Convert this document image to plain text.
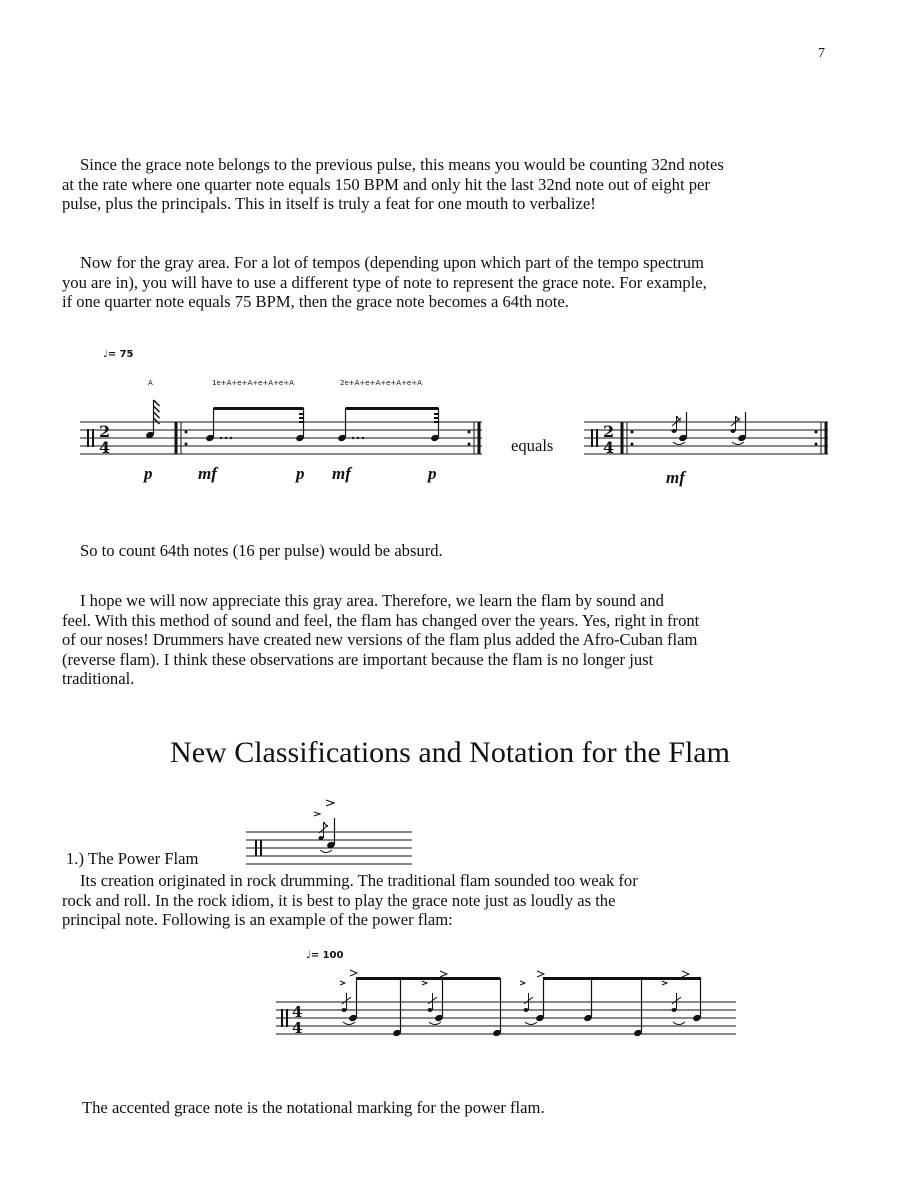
7
Since the grace note belongs to the previous pulse, this means you would be counting 32nd notes
at the rate where one quarter note equals 150 BPM and only hit the last 32nd note out of eight per
pulse, plus the principals. This in itself is truly a feat for one mouth to verbalize!
Now for the gray area. For a lot of tempos (depending upon which part of the tempo spectrum
you are in), you will have to use a different type of note to represent the grace note. For example,
if one quarter note equals 75 BPM, then the grace note becomes a 64th note.
♩= 75
A	1e+A+e+A+e+A+e+A	2e+A+e+A+e+A+e+A
2
4
p	mf	p mf	p
2
4
mf
equals
So to count 64th notes (16 per pulse) would be absurd.
I hope we will now appreciate this gray area. Therefore, we learn the flam by sound and
feel. With this method of sound and feel, the flam has changed over the years. Yes, right in front
of our noses! Drummers have created new versions of the flam plus added the Afro-Cuban flam
(reverse flam). I think these observations are important because the flam is no longer just
traditional.
New Classifications and Notation for the Flam
1.) The Power Flam
Its creation originated in rock drumming. The traditional flam sounded too weak for
rock and roll. In the rock idiom, it is best to play the grace note just as loudly as the
principal note. Following is an example of the power flam:
♩= 100
4
4
The accented grace note is the notational marking for the power flam.
